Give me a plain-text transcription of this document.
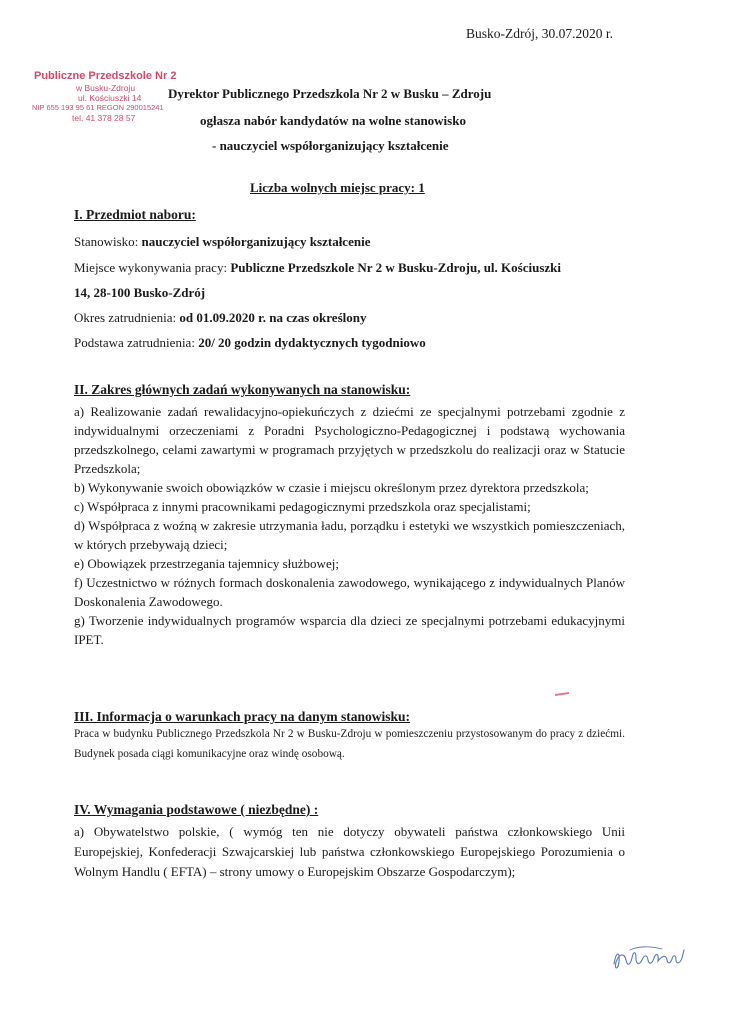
Busko-Zdrój, 30.07.2020 r.
Publiczne Przedszkole Nr 2
w Busku-Zdroju
ul. Kościuszki 14
NIP 655 193 95 61 REGON 290015241
tel. 41 378 28 57
Dyrektor Publicznego Przedszkola Nr 2 w Busku – Zdroju
ogłasza nabór kandydatów na wolne stanowisko
- nauczyciel współorganizujący kształcenie
Liczba wolnych miejsc pracy: 1
I. Przedmiot naboru:
Stanowisko: nauczyciel współorganizujący kształcenie
Miejsce wykonywania pracy: Publiczne Przedszkole Nr 2 w Busku-Zdroju, ul. Kościuszki
14, 28-100 Busko-Zdrój
Okres zatrudnienia: od 01.09.2020 r. na czas określony
Podstawa zatrudnienia: 20/ 20 godzin dydaktycznych tygodniowo
II. Zakres głównych zadań wykonywanych na stanowisku:

a) Realizowanie zadań rewalidacyjno-opiekuńczych z dziećmi ze specjalnymi potrzebami zgodnie z indywidualnymi orzeczeniami z Poradni Psychologiczno-Pedagogicznej i podstawą wychowania przedszkolnego, celami zawartymi w programach przyjętych w przedszkolu do realizacji oraz w Statucie Przedszkola;

b) Wykonywanie swoich obowiązków w czasie i miejscu określonym przez dyrektora przedszkola;

c) Współpraca z innymi pracownikami pedagogicznymi przedszkola oraz specjalistami;

d) Współpraca z woźną w zakresie utrzymania ładu, porządku i estetyki we wszystkich pomieszczeniach, w których przebywają dzieci;

e) Obowiązek przestrzegania tajemnicy służbowej;

f) Uczestnictwo w różnych formach doskonalenia zawodowego, wynikającego z indywidualnych Planów Doskonalenia Zawodowego.

g) Tworzenie indywidualnych programów wsparcia dla dzieci ze specjalnymi potrzebami edukacyjnymi IPET.

III. Informacja o warunkach pracy na danym stanowisku:
Praca w budynku Publicznego Przedszkola Nr 2 w Busku-Zdroju w pomieszczeniu przystosowanym do pracy z dziećmi. Budynek posada ciągi komunikacyjne oraz windę osobową.
IV. Wymagania podstawowe ( niezbędne) :

a) Obywatelstwo polskie, ( wymóg ten nie dotyczy obywateli państwa członkowskiego Unii Europejskiej, Konfederacji Szwajcarskiej lub państwa członkowskiego Europejskiego Porozumienia o Wolnym Handlu ( EFTA) – strony umowy o Europejskim Obszarze Gospodarczym);
